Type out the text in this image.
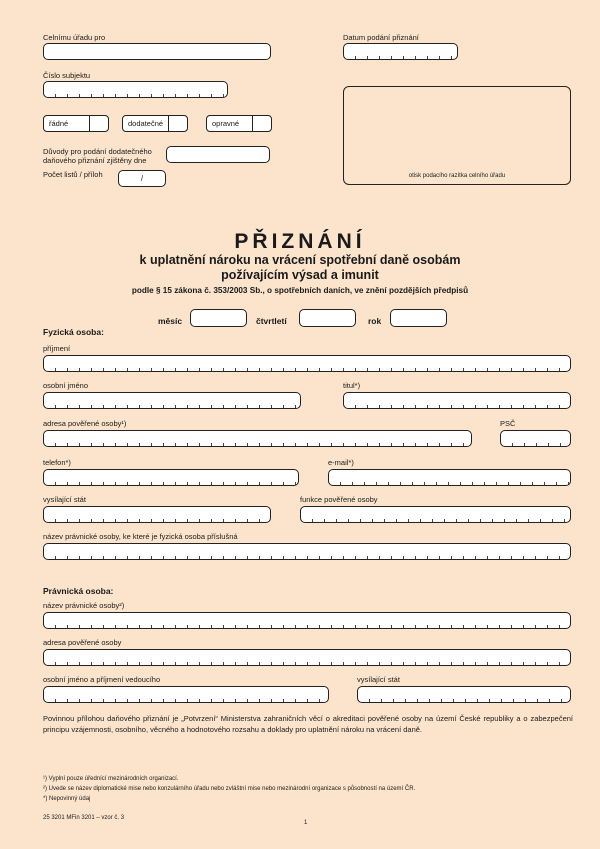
Celnímu úřadu pro	Datum podání přiznání
Číslo subjektu
řádné	dodatečné	opravné
Důvody pro podání dodatečného
daňového přiznání zjištěny dne
Počet listů / příloh	/	otisk podacího razítka celního úřadu
PŘIZNÁNÍ
k uplatnění nároku na vrácení spotřební daně osobám
požívajícím výsad a imunit
podle § 15 zákona č. 353/2003 Sb., o spotřebních daních, ve znění pozdějších předpisů
měsíc	čtvrtletí	rok
Fyzická osoba:
příjmení
osobní jméno	titul*)
adresa pověřené osoby¹)	PSČ
telefon*)	e-mail*)
vysílající stát	funkce pověřené osoby
název právnické osoby, ke které je fyzická osoba příslušná
Právnická osoba:
název právnické osoby²)
adresa pověřené osoby
osobní jméno a příjmení vedoucího	vysílající stát
Povinnou přílohou daňového přiznání je „Potvrzení“ Ministerstva zahraničních věcí o akreditaci pověřené osoby na území České republiky a o zabezpečení principu vzájemnosti, osobního, věcného a hodnotového rozsahu a doklady pro uplatnění nároku na vrácení daně.
¹) Vyplní pouze úřednící mezinárodních organizací.
²) Uvede se název diplomatické mise nebo konzulárního úřadu nebo zvláštní mise nebo mezinárodní organizace s působností na území ČR.
*) Nepovinný údaj
25 3201 MFin 3201 – vzor č. 3
1
